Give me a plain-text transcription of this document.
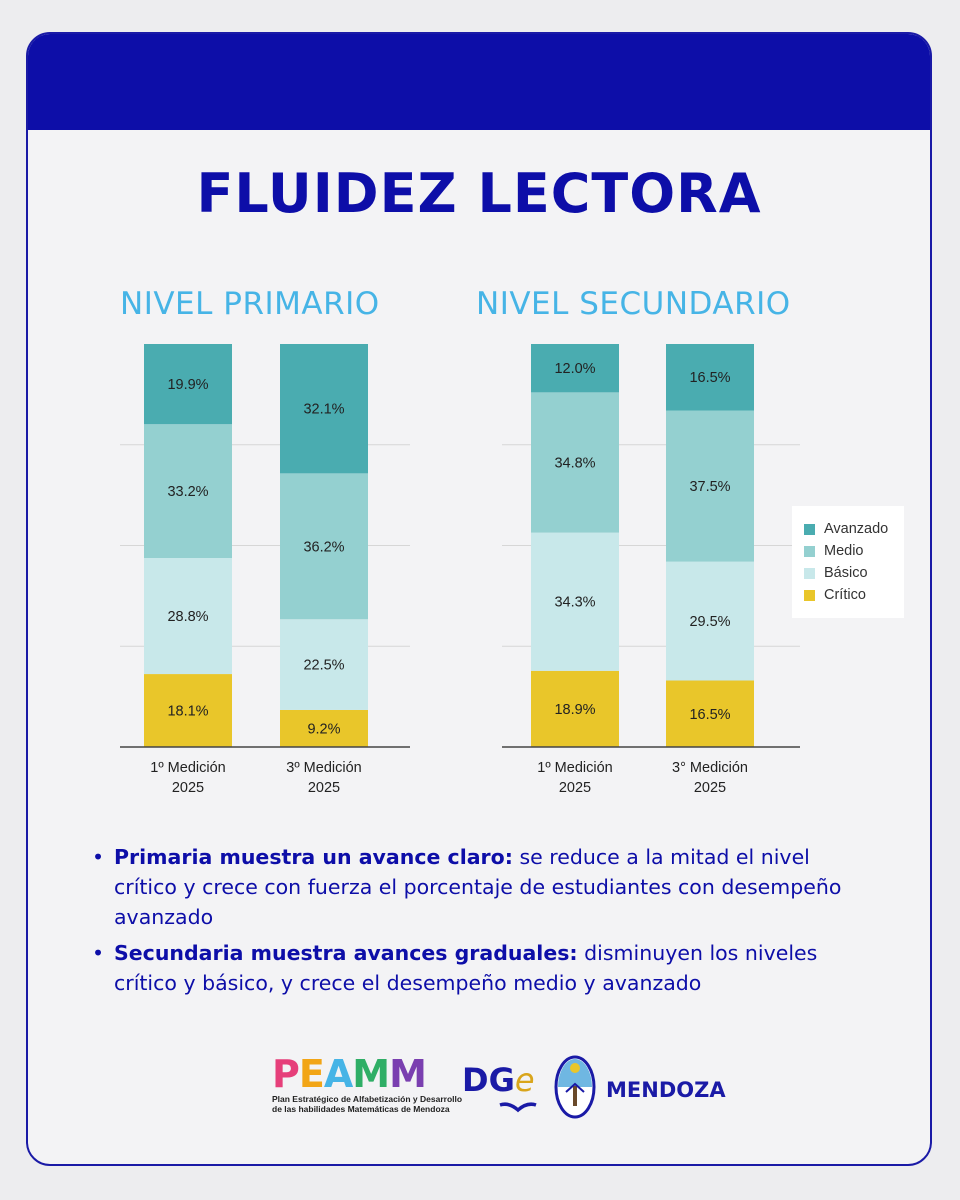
FLUIDEZ LECTORA
NIVEL PRIMARIO	NIVEL SECUNDARIO
18.1%
28.8%
33.2%
19.9%
1º Medición
2025
9.2%
22.5%
36.2%
32.1%
3º Medición
2025
18.9%
34.3%
34.8%
12.0%
1º Medición
2025
16.5%
29.5%
37.5%
16.5%
3° Medición
2025
Avanzado
Medio
Básico
Crítico
• Primaria muestra un avance claro: se reduce a la mitad el nivel crítico y crece con fuerza el porcentaje de estudiantes con desempeño avanzado
• Secundaria muestra avances graduales: disminuyen los niveles crítico y básico, y crece el desempeño medio y avanzado
PEAMM
Plan Estratégico de Alfabetización y Desarrollo de las habilidades Matemáticas de Mendoza
DGe	MENDOZA
